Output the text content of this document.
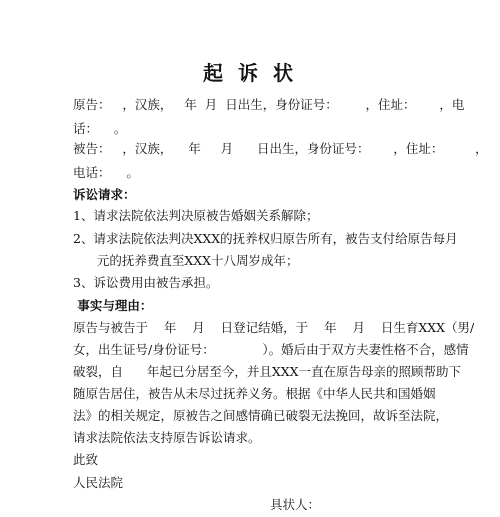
起 诉 状
原告：   ，汉族，   年  月  日出生，身份证号：       ，住址：      ，电
话：    。
被告：   ，汉族，    年     月      日出生，身份证号：      ，住址：        ，
电话：    。
诉讼请求：
1、请求法院依法判决原被告婚姻关系解除；
2、请求法院依法判决XXX的抚养权归原告所有，被告支付给原告每月
元的抚养费直至XXX十八周岁成年；
3、诉讼费用由被告承担。
事实与理由：
原告与被告于    年    月    日登记结婚，于    年    月    日生育XXX（男/
女，出生证号/身份证号：            ）。婚后由于双方夫妻性格不合，感情
破裂，自      年起已分居至今，并且XXX一直在原告母亲的照顾帮助下
随原告居住，被告从未尽过抚养义务。根据《中华人民共和国婚姻
法》的相关规定，原被告之间感情确已破裂无法挽回，故诉至法院，
请求法院依法支持原告诉讼请求。
此致
人民法院
具状人：
